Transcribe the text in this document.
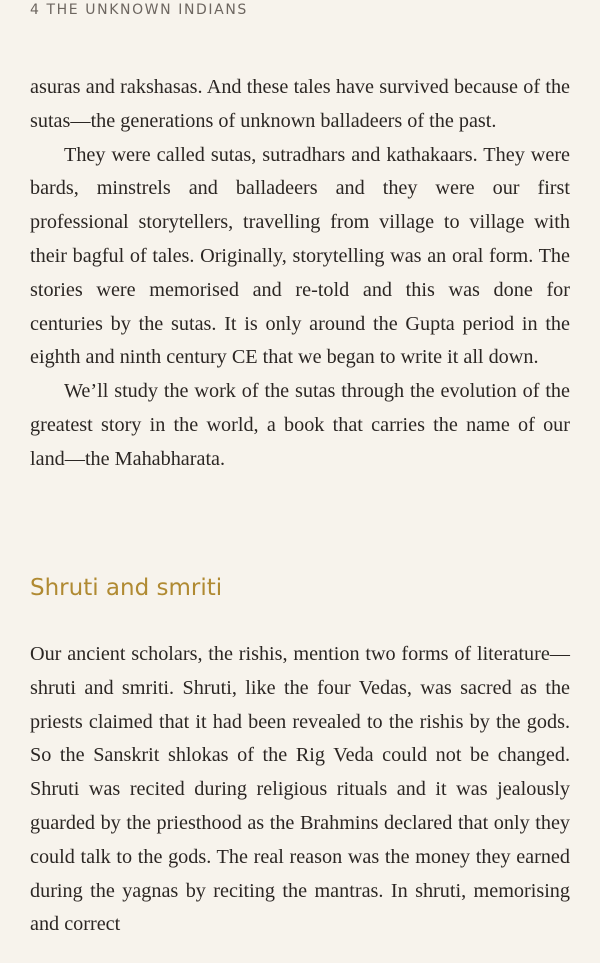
4 THE UNKNOWN INDIANS

asuras and rakshasas. And these tales have survived because of the sutas—the generations of unknown balladeers of the past.

They were called sutas, sutradhars and kathakaars. They were bards, minstrels and balladeers and they were our first professional storytellers, travelling from village to village with their bagful of tales. Originally, storytelling was an oral form. The stories were memorised and re-told and this was done for centuries by the sutas. It is only around the Gupta period in the eighth and ninth century CE that we began to write it all down.

We’ll study the work of the sutas through the evolution of the greatest story in the world, a book that carries the name of our land—the Mahabharata.

Shruti and smriti

Our ancient scholars, the rishis, mention two forms of literature—shruti and smriti. Shruti, like the four Vedas, was sacred as the priests claimed that it had been revealed to the rishis by the gods. So the Sanskrit shlokas of the Rig Veda could not be changed. Shruti was recited during religious rituals and it was jealously guarded by the priesthood as the Brahmins declared that only they could talk to the gods. The real reason was the money they earned during the yagnas by reciting the mantras. In shruti, memorising and correct
